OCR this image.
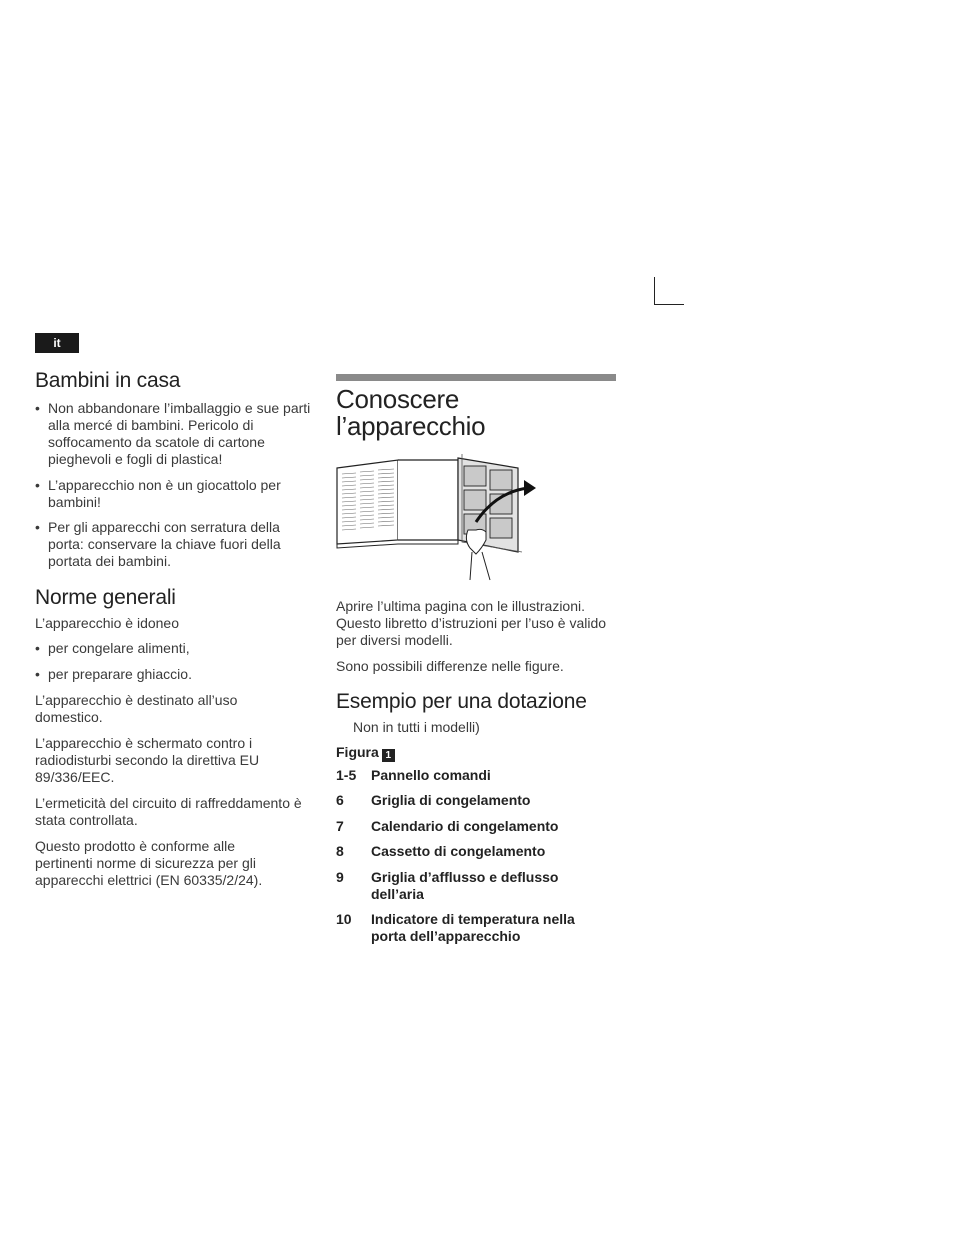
it
Bambini in casa
• Non abbandonare l’imballaggio e sue parti alla mercé di bambini. Pericolo di soffocamento da scatole di cartone pieghevoli e fogli di plastica!
• L’apparecchio non è un giocattolo per bambini!
• Per gli apparecchi con serratura della porta: conservare la chiave fuori della portata dei bambini.
Norme generali

L’apparecchio è idoneo

• per congelare alimenti,
• per preparare ghiaccio.

L’apparecchio è destinato all’uso domestico.

L’apparecchio è schermato contro i radiodisturbi secondo la direttiva EU 89/336/EEC.

L’ermeticità del circuito di raffreddamento è stata controllata.

Questo prodotto è conforme alle pertinenti norme di sicurezza per gli apparecchi elettrici (EN 60335/2/24).

Conoscere
l’apparecchio

Aprire l’ultima pagina con le illustrazioni. Questo libretto d’istruzioni per l’uso è valido per diversi modelli.

Sono possibili differenze nelle figure.

Esempio per una dotazione

Non in tutti i modelli)

Figura 1
1-5	Pannello comandi
6	Griglia di congelamento
7	Calendario di congelamento
8	Cassetto di congelamento
9	Griglia d’afflusso e deflusso dell’aria
10	Indicatore di temperatura nella porta dell’apparecchio
